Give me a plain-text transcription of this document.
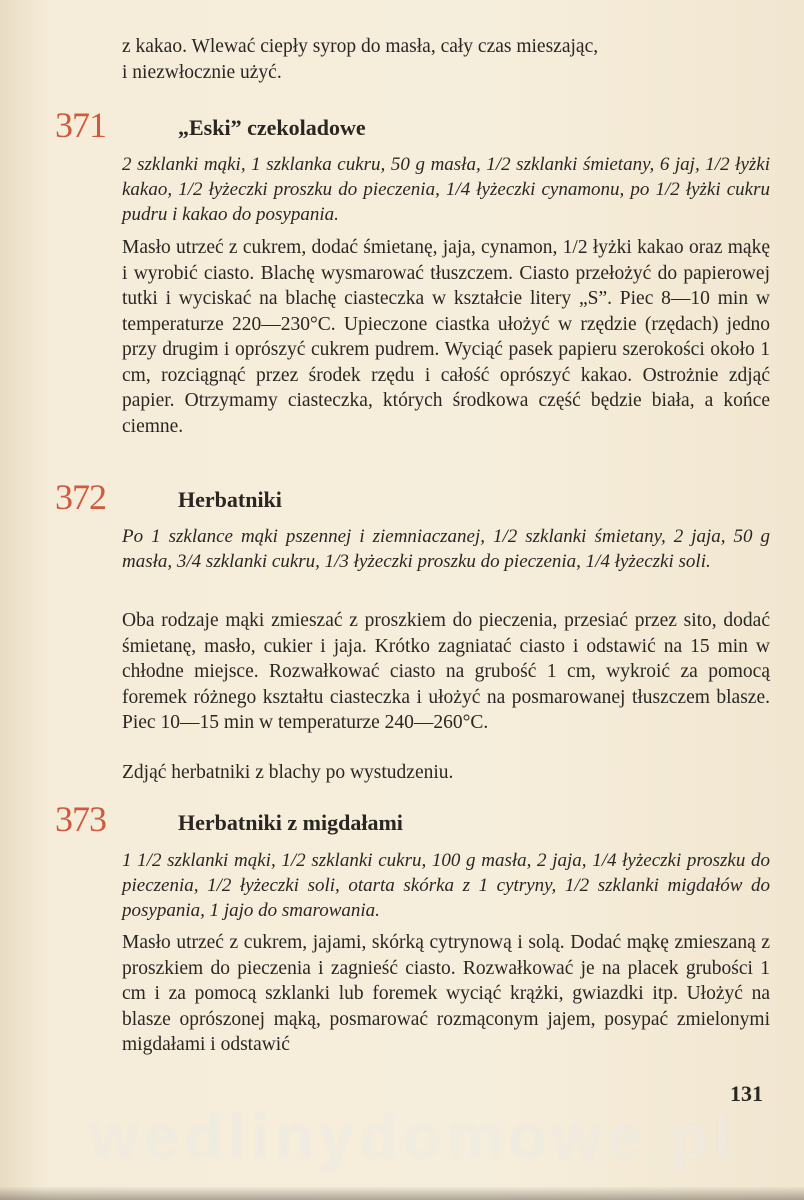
z kakao. Wlewać ciepły syrop do masła, cały czas mieszając,
i niezwłocznie użyć.
371	„Eski” czekoladowe
2 szklanki mąki, 1 szklanka cukru, 50 g masła, 1/2 szklanki śmietany, 6 jaj, 1/2 łyżki kakao, 1/2 łyżeczki proszku do pieczenia, 1/4 łyżeczki cynamonu, po 1/2 łyżki cukru pudru i kakao do posypania.
Masło utrzeć z cukrem, dodać śmietanę, jaja, cynamon, 1/2 łyżki kakao oraz mąkę i wyrobić ciasto. Blachę wysmarować tłuszczem. Ciasto przełożyć do papierowej tutki i wyciskać na blachę ciasteczka w kształcie litery „S”. Piec 8—10 min w temperaturze 220—230°C. Upieczone ciastka ułożyć w rzędzie (rzędach) jedno przy drugim i oprószyć cukrem pudrem. Wyciąć pasek papieru szerokości około 1 cm, rozciągnąć przez środek rzędu i całość oprószyć kakao. Ostrożnie zdjąć papier. Otrzymamy ciasteczka, których środkowa część będzie biała, a końce ciemne.
372	Herbatniki
Po 1 szklance mąki pszennej i ziemniaczanej, 1/2 szklanki śmietany, 2 jaja, 50 g masła, 3/4 szklanki cukru, 1/3 łyżeczki proszku do pieczenia, 1/4 łyżeczki soli.
Oba rodzaje mąki zmieszać z proszkiem do pieczenia, przesiać przez sito, dodać śmietanę, masło, cukier i jaja. Krótko zagniatać ciasto i odstawić na 15 min w chłodne miejsce. Rozwałkować ciasto na grubość 1 cm, wykroić za pomocą foremek różnego kształtu ciasteczka i ułożyć na posmarowanej tłuszczem blasze. Piec 10—15 min w temperaturze 240—260°C.
Zdjąć herbatniki z blachy po wystudzeniu.
373	Herbatniki z migdałami
1 1/2 szklanki mąki, 1/2 szklanki cukru, 100 g masła, 2 jaja, 1/4 łyżeczki proszku do pieczenia, 1/2 łyżeczki soli, otarta skórka z 1 cytryny, 1/2 szklanki migdałów do posypania, 1 jajo do smarowania.
Masło utrzeć z cukrem, jajami, skórką cytrynową i solą. Dodać mąkę zmieszaną z proszkiem do pieczenia i zagnieść ciasto. Rozwałkować je na placek grubości 1 cm i za pomocą szklanki lub foremek wyciąć krążki, gwiazdki itp. Ułożyć na blasze oprószonej mąką, posmarować rozmąconym jajem, posypać zmielonymi migdałami i odstawić
131
wedlinydomowe.pl
